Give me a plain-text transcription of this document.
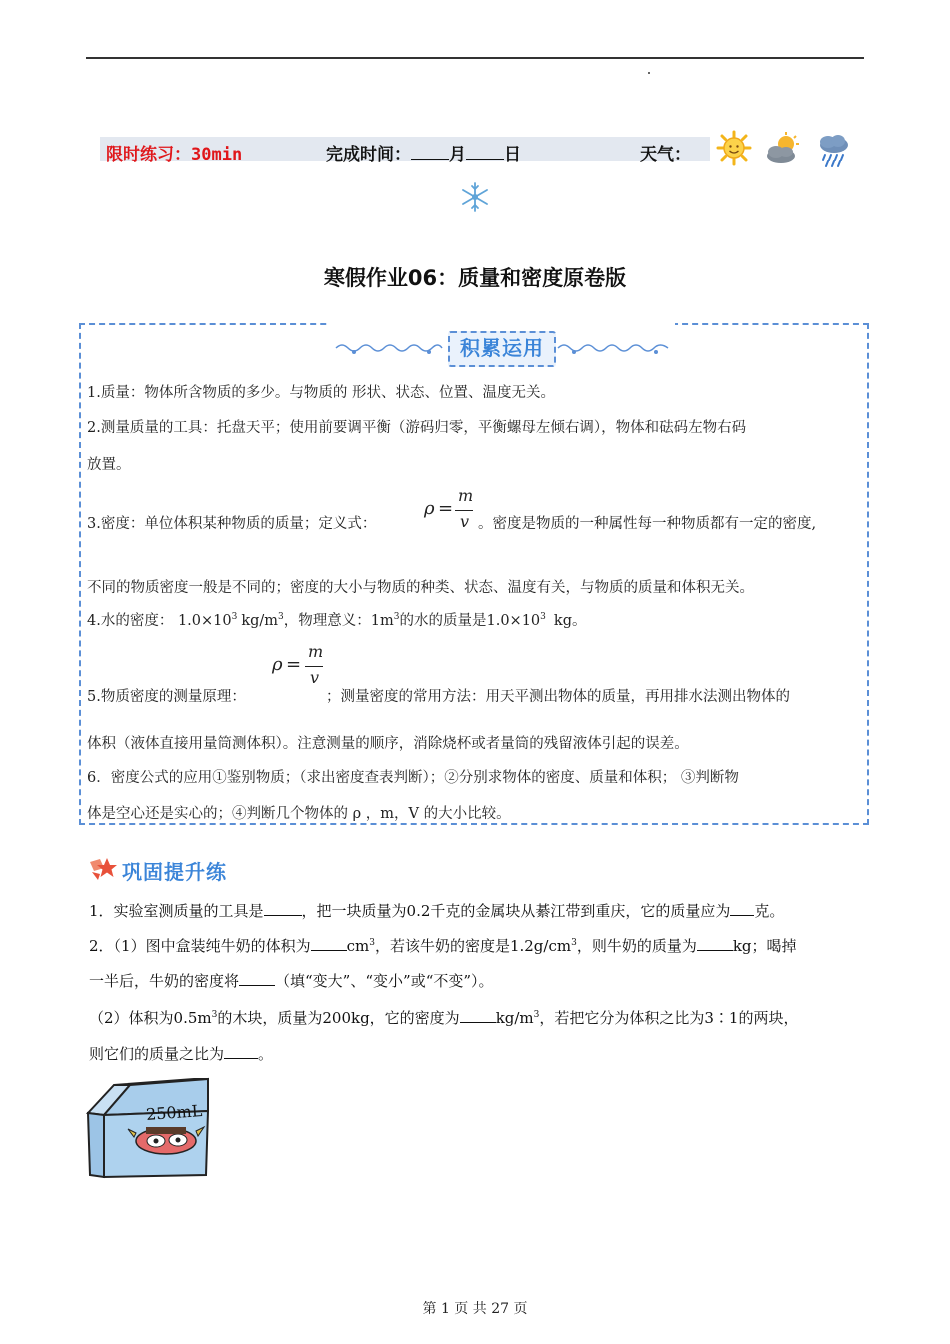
限时练习：30min	完成时间： 月 日	天气：
寒假作业06：质量和密度原卷版
积累运用
1.质量：物体所含物质的多少。与物质的 形状、状态、位置、温度无关。
2.测量质量的工具：托盘天平；使用前要调平衡（游码归零，平衡螺母左倾右调），物体和砝码左物右码
放置。
3.密度：单位体积某种物质的质量；定义式：
ρ =
m
v 。密度是物质的一种属性每一种物质都有一定的密度,
不同的物质密度一般是不同的；密度的大小与物质的种类、状态、温度有关，与物质的质量和体积无关。
4.水的密度： $1.0\times 10^3$ $kg/m^3$，物理意义：$1m^3$的水的质量是$1.0\times 10^3$ kg。
ρ =
m
v
5.物质密度的测量原理：	；测量密度的常用方法：用天平测出物体的质量，再用排水法测出物体的
体积（液体直接用量筒测体积）。注意测量的顺序，消除烧杯或者量筒的残留液体引起的误差。
6．密度公式的应用①鉴别物质；（求出密度查表判断）；②分别求物体的密度、质量和体积； ③判断物
体是空心还是实心的；④判断几个物体的 ρ ，m，V 的大小比较。
巩固提升练
1．实验室测质量的工具是	，把一块质量为0.2千克的金属块从綦江带到重庆，它的质量应为 克。
2．（1）图中盒装纯牛奶的体积为 $cm^3$，若该牛奶的密度是$1.2g/cm^3$，则牛奶的质量为 kg；喝掉
一半后，牛奶的密度将 （填“变大”、“变小”或“不变”）。
（2）体积为$0.5m^3$的木块，质量为200kg，它的密度为 $kg/m^3$，若把它分为体积之比为3∶1的两块，
则它们的质量之比为 。
250mL
第 1 页 共 27 页
